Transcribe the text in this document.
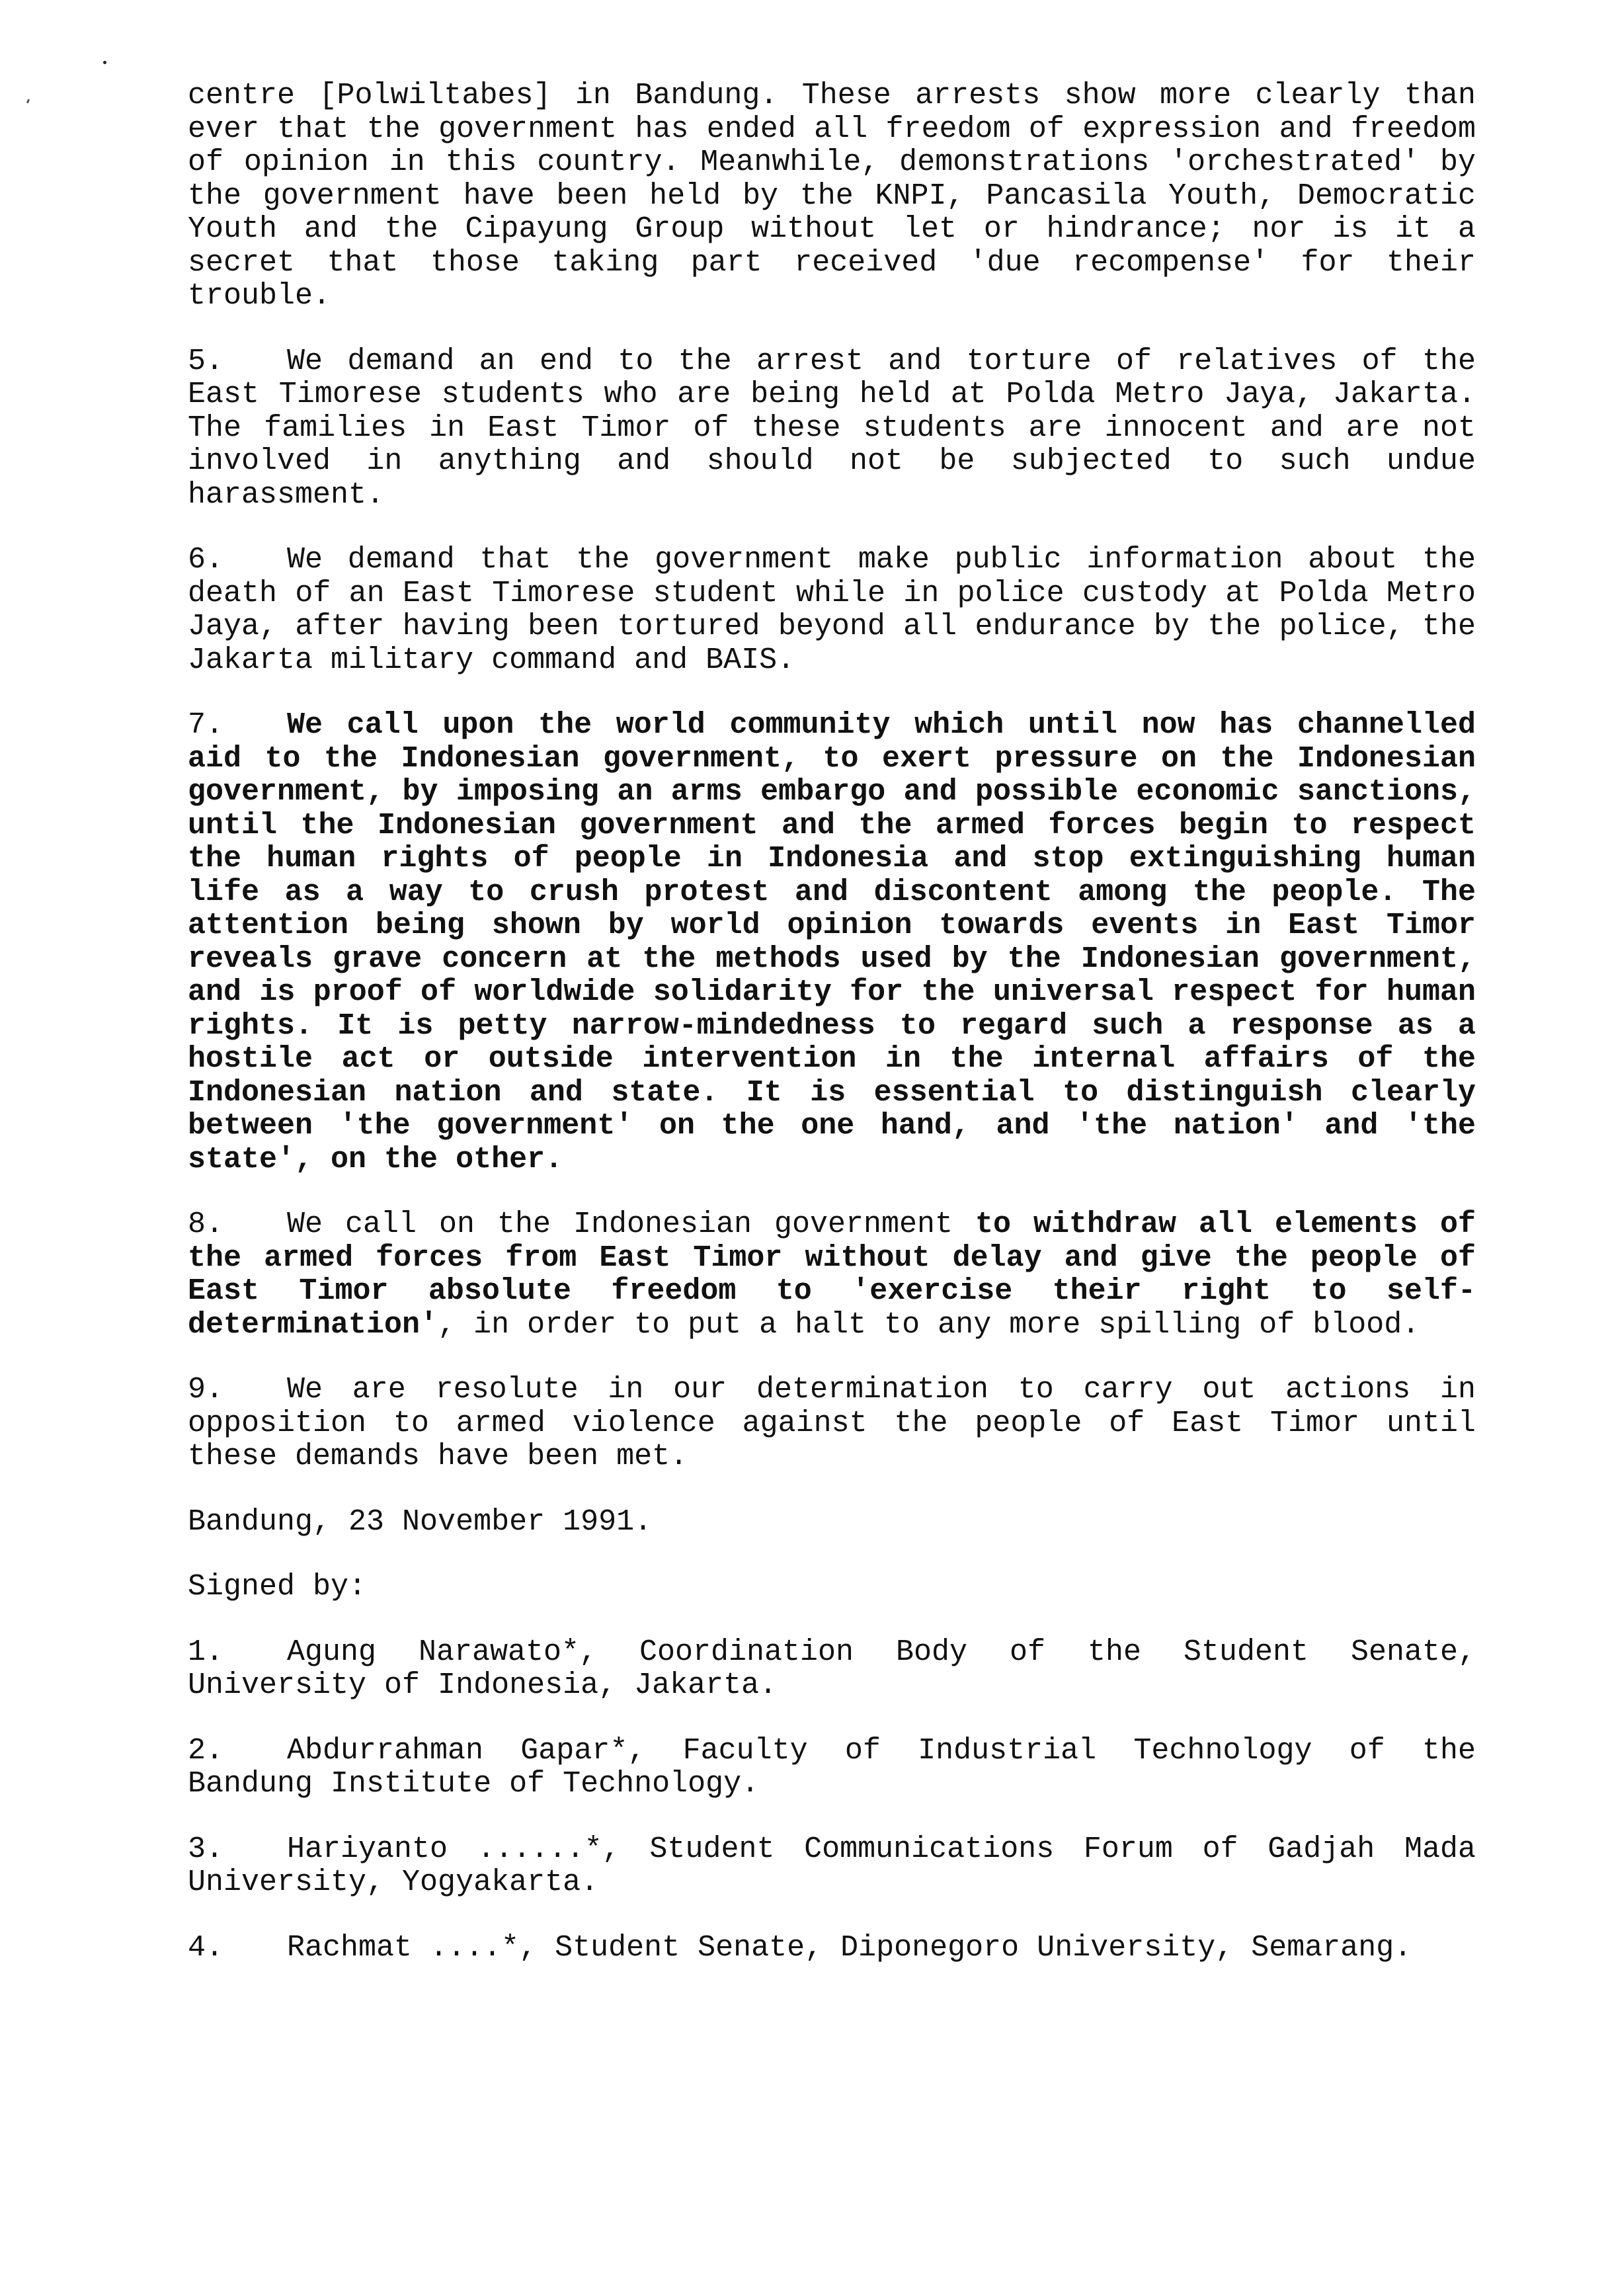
centre [Polwiltabes] in Bandung. These arrests show more clearly than ever that the government has ended all freedom of expression and freedom of opinion in this country. Meanwhile, demonstrations 'orchestrated' by the government have been held by the KNPI, Pancasila Youth, Democratic Youth and the Cipayung Group without let or hindrance; nor is it a secret that those taking part received 'due recompense' for their trouble.

5. We demand an end to the arrest and torture of relatives of the East Timorese students who are being held at Polda Metro Jaya, Jakarta. The families in East Timor of these students are innocent and are not involved in anything and should not be subjected to such undue harassment.

6. We demand that the government make public information about the death of an East Timorese student while in police custody at Polda Metro Jaya, after having been tortured beyond all endurance by the police, the Jakarta military command and BAIS.

7. We call upon the world community which until now has channelled aid to the Indonesian government, to exert pressure on the Indonesian government, by imposing an arms embargo and possible economic sanctions, until the Indonesian government and the armed forces begin to respect the human rights of people in Indonesia and stop extinguishing human life as a way to crush protest and discontent among the people. The attention being shown by world opinion towards events in East Timor reveals grave concern at the methods used by the Indonesian government, and is proof of worldwide solidarity for the universal respect for human rights. It is petty narrow-mindedness to regard such a response as a hostile act or outside intervention in the internal affairs of the Indonesian nation and state. It is essential to distinguish clearly between 'the government' on the one hand, and 'the nation' and 'the state', on the other.

8. We call on the Indonesian government to withdraw all elements of the armed forces from East Timor without delay and give the people of East Timor absolute freedom to 'exercise their right to self-determination', in order to put a halt to any more spilling of blood.

9. We are resolute in our determination to carry out actions in opposition to armed violence against the people of East Timor until these demands have been met.

Bandung, 23 November 1991.

Signed by:

1. Agung Narawato*, Coordination Body of the Student Senate, University of Indonesia, Jakarta.

2. Abdurrahman Gapar*, Faculty of Industrial Technology of the Bandung Institute of Technology.

3. Hariyanto ......*, Student Communications Forum of Gadjah Mada University, Yogyakarta.

4. Rachmat ....*, Student Senate, Diponegoro University, Semarang.
